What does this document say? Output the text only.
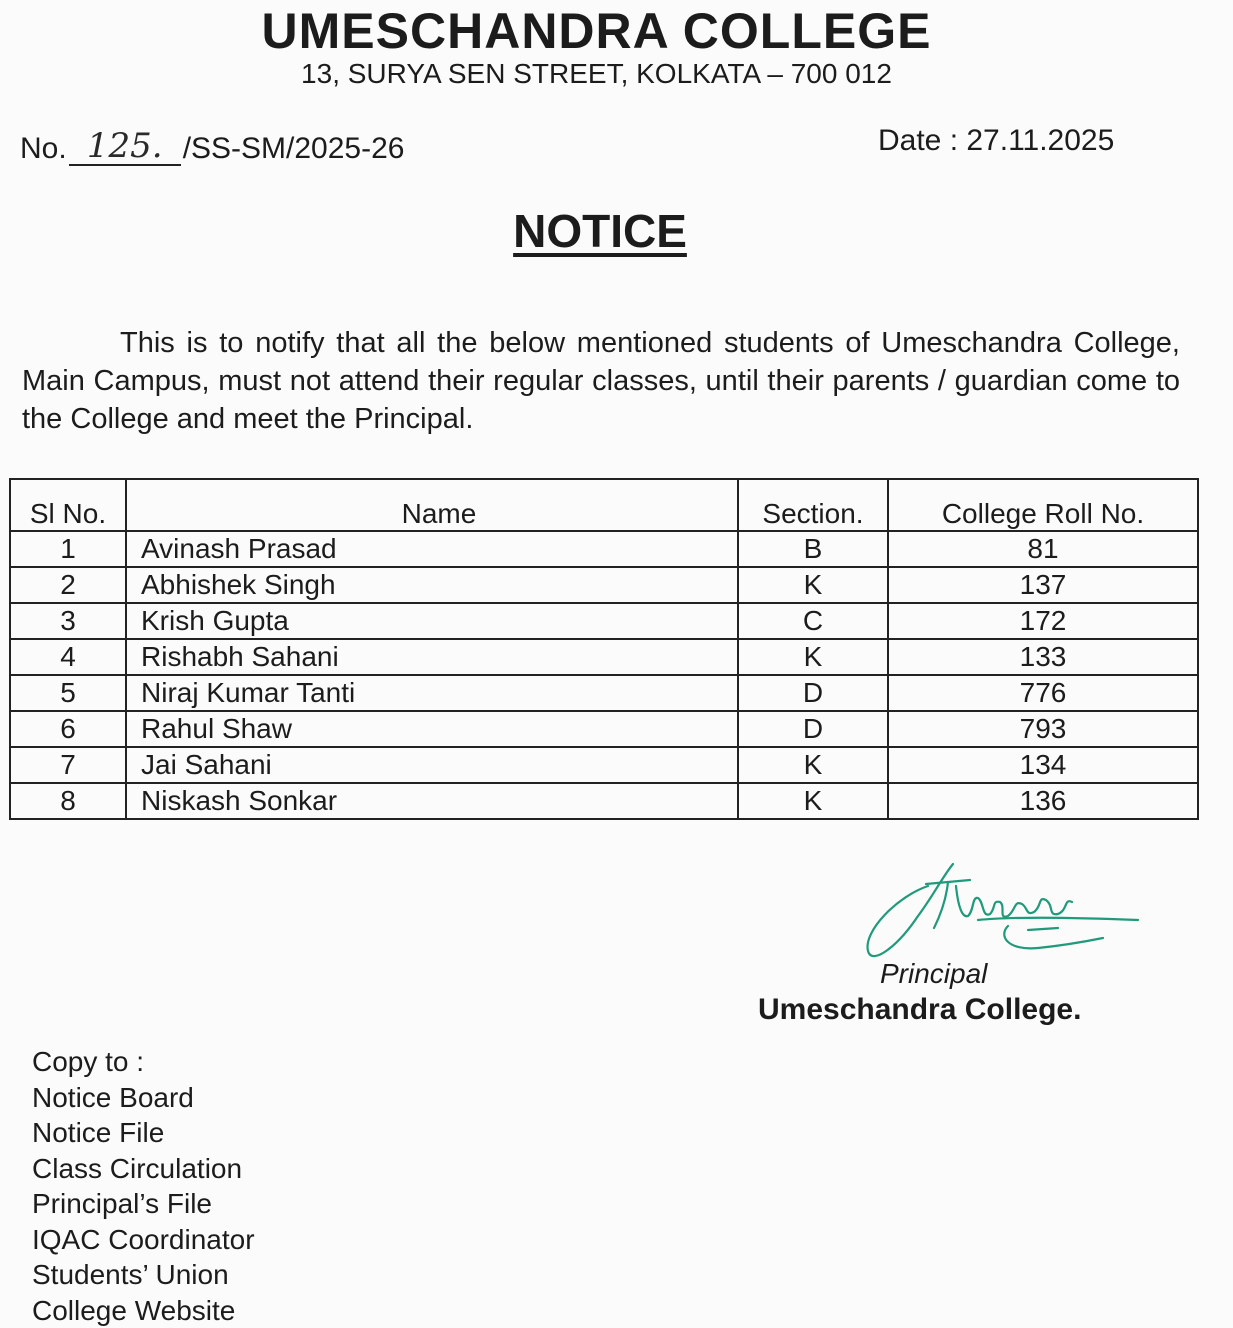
UMESCHANDRA COLLEGE
13, SURYA SEN STREET, KOLKATA – 700 012
No. 125. /SS-SM/2025-26	Date : 27.11.2025
NOTICE
This is to notify that all the below mentioned students of Umeschandra College, Main Campus, must not attend their regular classes, until their parents / guardian come to the College and meet the Principal.
Sl No.	Name	Section.	College Roll No.
1	Avinash Prasad	B	81
2	Abhishek Singh	K	137
3	Krish Gupta	C	172
4	Rishabh Sahani	K	133
5	Niraj Kumar Tanti	D	776
6	Rahul Shaw	D	793
7	Jai Sahani	K	134
8	Niskash Sonkar	K	136
Principal
Umeschandra College.
Copy to :
Notice Board
Notice File
Class Circulation
Principal’s File
IQAC Coordinator
Students’ Union
College Website
